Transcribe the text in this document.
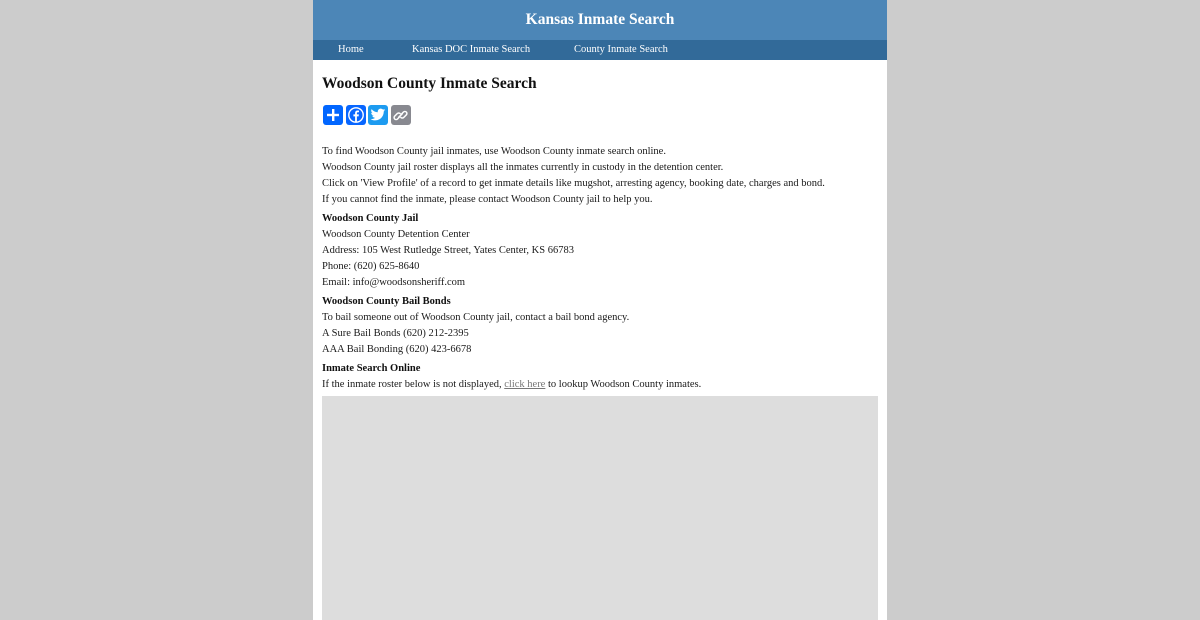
Kansas Inmate Search
Home	Kansas DOC Inmate Search	County Inmate Search
Woodson County Inmate Search
To find Woodson County jail inmates, use Woodson County inmate search online.
Woodson County jail roster displays all the inmates currently in custody in the detention center.
Click on 'View Profile' of a record to get inmate details like mugshot, arresting agency, booking date, charges and bond.
If you cannot find the inmate, please contact Woodson County jail to help you.
Woodson County Jail
Woodson County Detention Center
Address: 105 West Rutledge Street, Yates Center, KS 66783
Phone: (620) 625-8640
Email: info@woodsonsheriff.com
Woodson County Bail Bonds
To bail someone out of Woodson County jail, contact a bail bond agency.
A Sure Bail Bonds (620) 212-2395
AAA Bail Bonding (620) 423-6678
Inmate Search Online
If the inmate roster below is not displayed, click here to lookup Woodson County inmates.
